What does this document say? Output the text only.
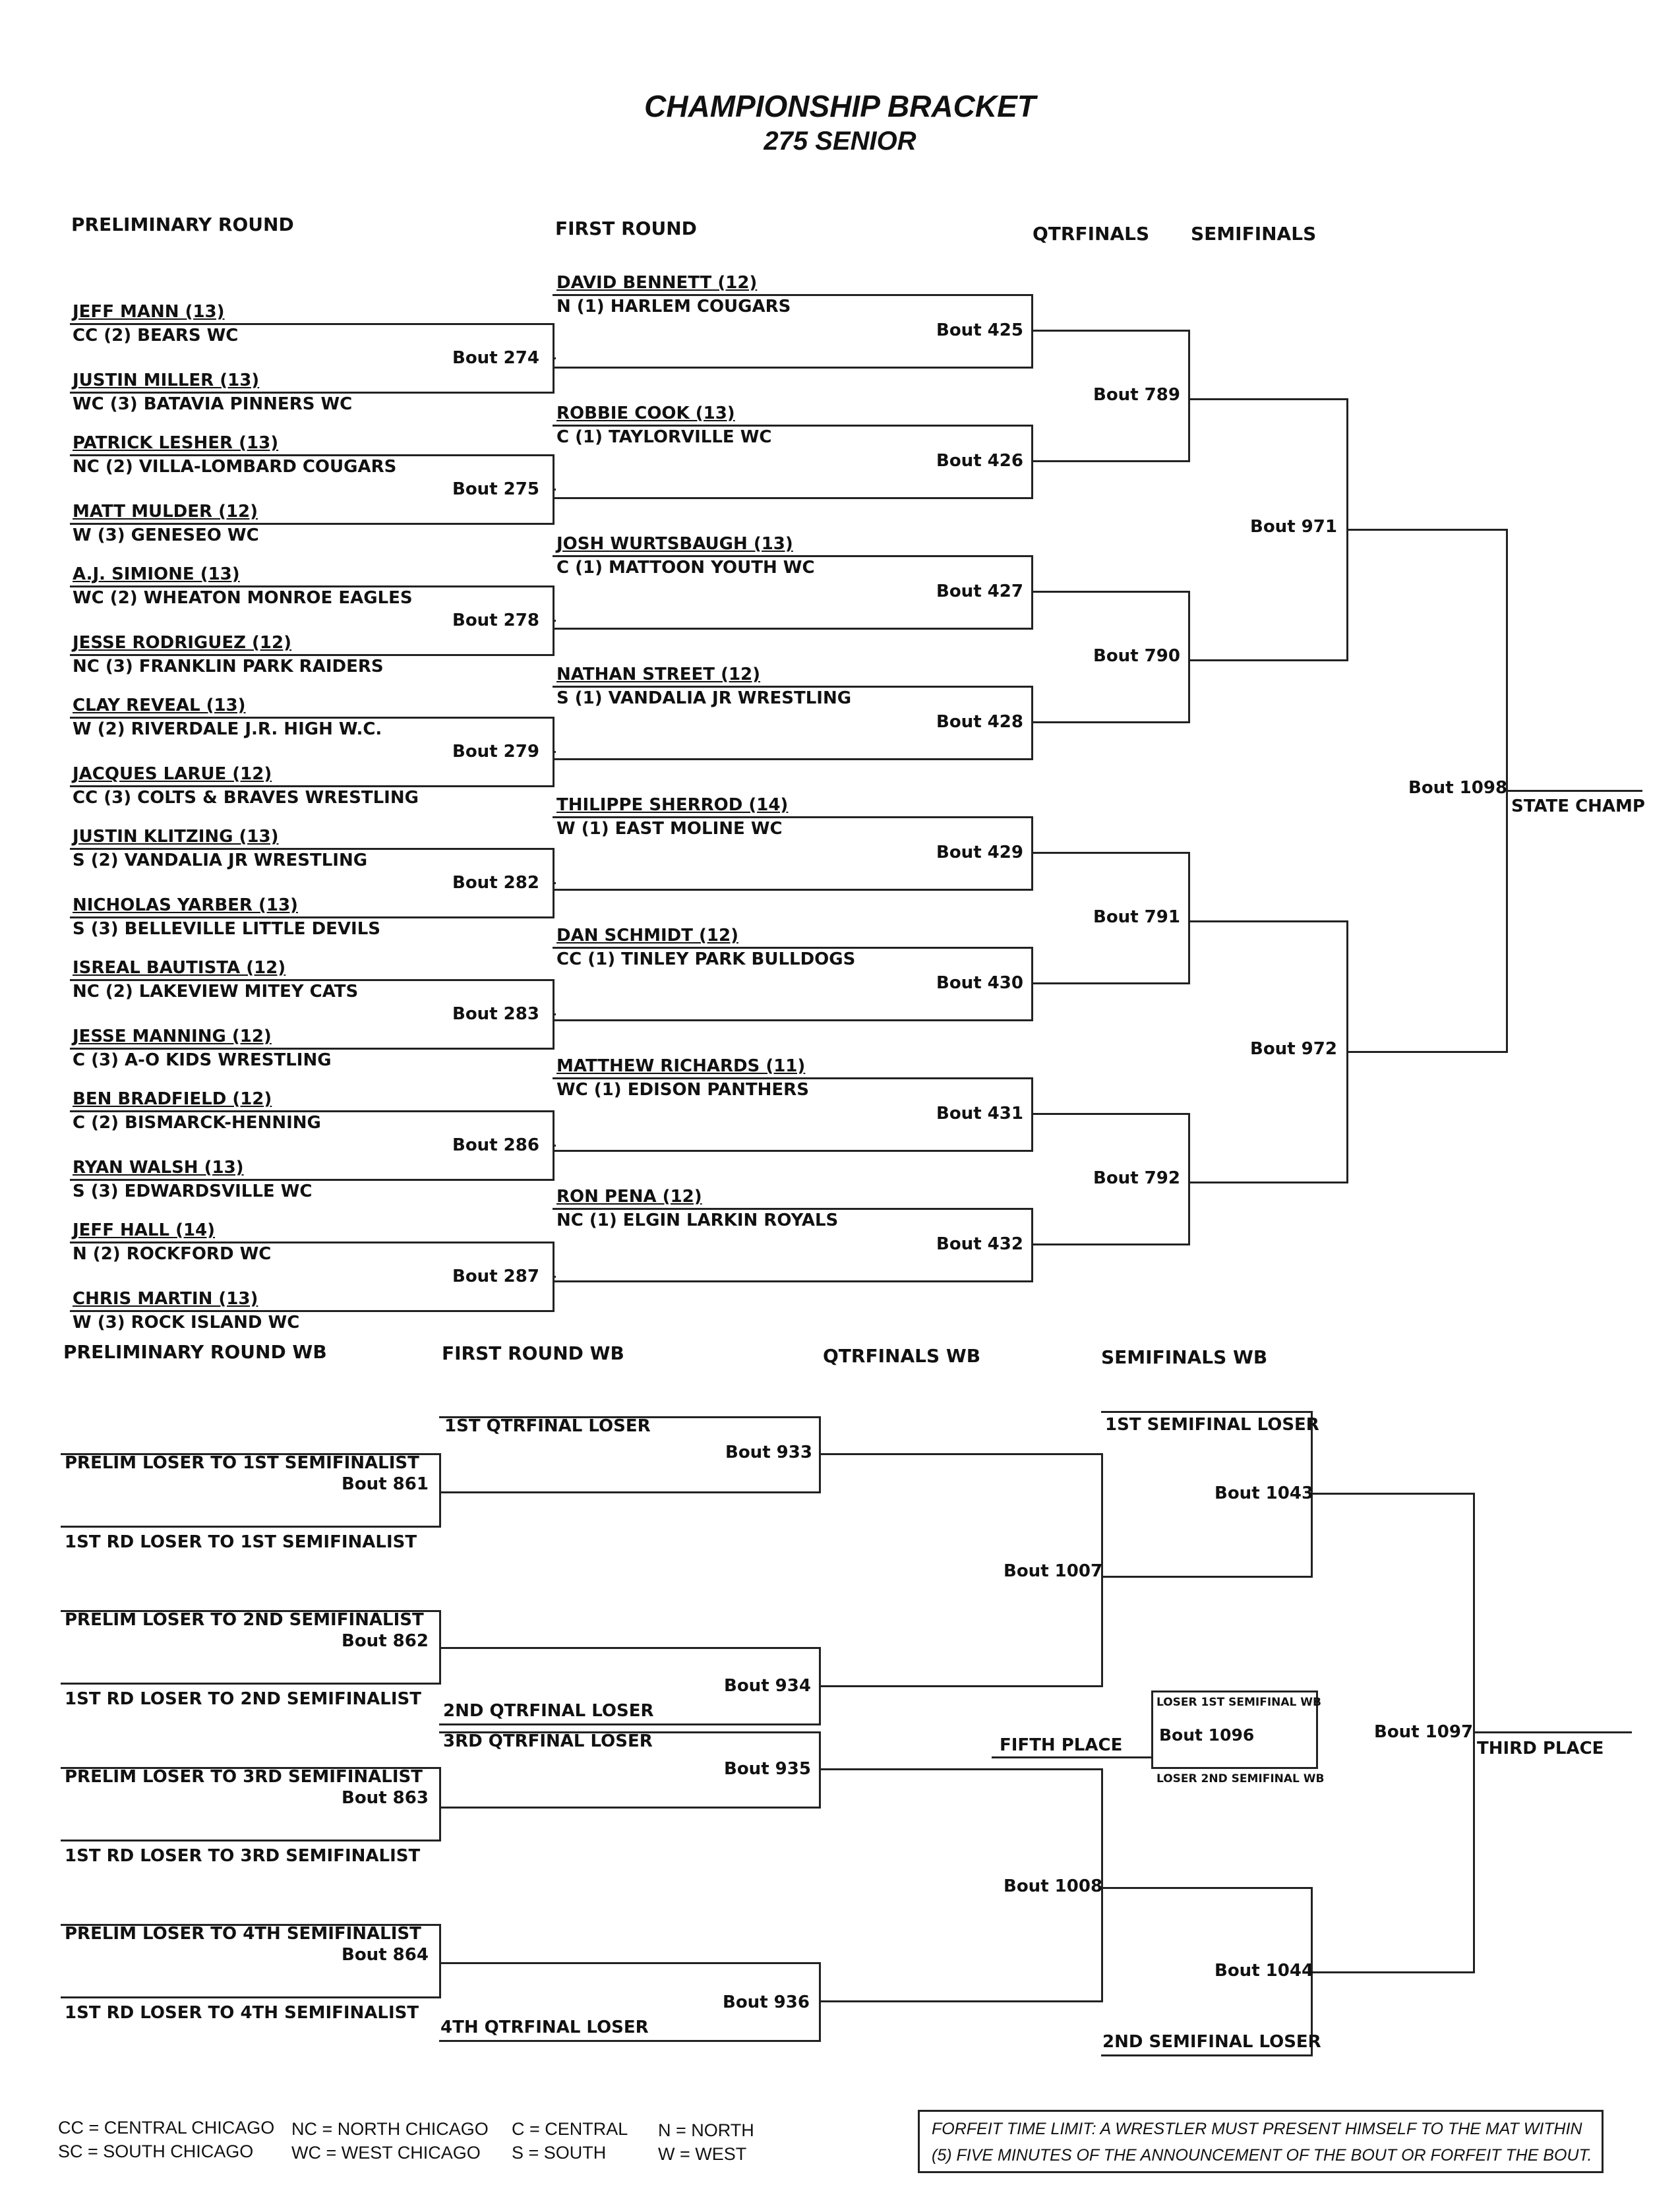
CHAMPIONSHIP BRACKET
275 SENIOR
PRELIMINARY ROUND	FIRST ROUND	QTRFINALS SEMIFINALS
PRELIMINARY ROUND WB	FIRST ROUND WB	QTRFINALS WB	SEMIFINALS WB
JEFF MANN (13)
CC (2) BEARS WC
JUSTIN MILLER (13)
WC (3) BATAVIA PINNERS WC
PATRICK LESHER (13)
NC (2) VILLA-LOMBARD COUGARS
MATT MULDER (12)
W (3) GENESEO WC
A.J. SIMIONE (13)
WC (2) WHEATON MONROE EAGLES
JESSE RODRIGUEZ (12)
NC (3) FRANKLIN PARK RAIDERS
CLAY REVEAL (13)
W (2) RIVERDALE J.R. HIGH W.C.
JACQUES LARUE (12)
CC (3) COLTS & BRAVES WRESTLING
JUSTIN KLITZING (13)
S (2) VANDALIA JR WRESTLING
NICHOLAS YARBER (13)
S (3) BELLEVILLE LITTLE DEVILS
ISREAL BAUTISTA (12)
NC (2) LAKEVIEW MITEY CATS
JESSE MANNING (12)
C (3) A-O KIDS WRESTLING
BEN BRADFIELD (12)
C (2) BISMARCK-HENNING
RYAN WALSH (13)
S (3) EDWARDSVILLE WC
JEFF HALL (14)
N (2) ROCKFORD WC
CHRIS MARTIN (13)
W (3) ROCK ISLAND WC
PRELIM LOSER TO 1ST SEMIFINALIST
1ST RD LOSER TO 1ST SEMIFINALIST
PRELIM LOSER TO 2ND SEMIFINALIST
1ST RD LOSER TO 2ND SEMIFINALIST
PRELIM LOSER TO 3RD SEMIFINALIST
1ST RD LOSER TO 3RD SEMIFINALIST
PRELIM LOSER TO 4TH SEMIFINALIST
1ST RD LOSER TO 4TH SEMIFINALIST
DAVID BENNETT (12)
N (1) HARLEM COUGARS
ROBBIE COOK (13)
C (1) TAYLORVILLE WC
JOSH WURTSBAUGH (13)
C (1) MATTOON YOUTH WC
NATHAN STREET (12)
S (1) VANDALIA JR WRESTLING
THILIPPE SHERROD (14)
W (1) EAST MOLINE WC
DAN SCHMIDT (12)
CC (1) TINLEY PARK BULLDOGS
MATTHEW RICHARDS (11)
WC (1) EDISON PANTHERS
RON PENA (12)
NC (1) ELGIN LARKIN ROYALS
1ST QTRFINAL LOSER
2ND QTRFINAL LOSER
3RD QTRFINAL LOSER
4TH QTRFINAL LOSER
1ST SEMIFINAL LOSER
2ND SEMIFINAL LOSER
Bout 274
Bout 275
Bout 278
Bout 279
Bout 282
Bout 283
Bout 286
Bout 287
Bout 425
Bout 426
Bout 427
Bout 428
Bout 429
Bout 430
Bout 431
Bout 432
Bout 789
Bout 790
Bout 791
Bout 792
Bout 971
Bout 972
Bout 1098
Bout 861
Bout 862
Bout 863
Bout 864
Bout 933
Bout 934
Bout 935
Bout 936
Bout 1007
Bout 1008
Bout 1043
Bout 1044
Bout 1097
STATE CHAMP
THIRD PLACE
FIFTH PLACE
LOSER 1ST SEMIFINAL WB
LOSER 2ND SEMIFINAL WB
Bout 1096
CC = CENTRAL CHICAGO
SC = SOUTH CHICAGO
NC = NORTH CHICAGO
WC = WEST CHICAGO
C = CENTRAL
S = SOUTH
N = NORTH
W = WEST
FORFEIT TIME LIMIT: A WRESTLER MUST PRESENT HIMSELF TO THE MAT WITHIN
(5) FIVE MINUTES OF THE ANNOUNCEMENT OF THE BOUT OR FORFEIT THE BOUT.
